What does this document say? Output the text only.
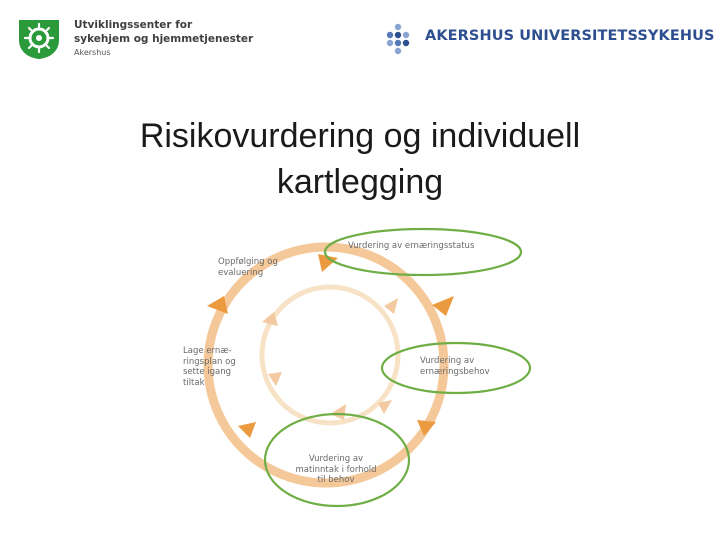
Utviklingssenter for
sykehjem og hjemmetjenester
Akershus
AKERSHUS UNIVERSITETSSYKEHUS
Risikovurdering og individuell
kartlegging
Vurdering av ernæringsstatus
Vurdering av
ernæringsbehov
Vurdering av
matinntak i forhold
til behov
Lage ernæ-
ringsplan og
sette igang
tiltak
Oppfølging og
evaluering
